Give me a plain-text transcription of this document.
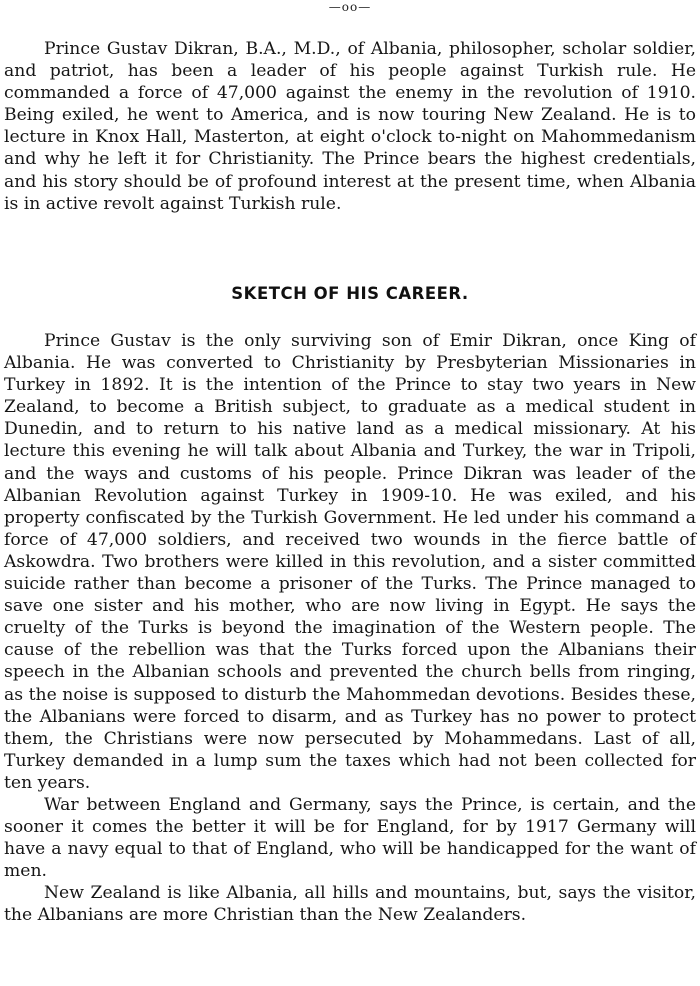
—oo—

Prince Gustav Dikran, B.A., M.D., of Albania, philosopher, scholar soldier, and patriot, has been a leader of his people against Turkish rule. He commanded a force of 47,000 against the enemy in the revolution of 1910. Being exiled, he went to America, and is now touring New Zealand. He is to lecture in Knox Hall, Masterton, at eight o'clock to-night on Mahommedanism and why he left it for Christianity. The Prince bears the highest credentials, and his story should be of profound interest at the present time, when Albania is in active revolt against Turkish rule.

SKETCH OF HIS CAREER.

Prince Gustav is the only surviving son of Emir Dikran, once King of Albania. He was converted to Christianity by Presbyterian Missionaries in Turkey in 1892. It is the intention of the Prince to stay two years in New Zealand, to become a British subject, to graduate as a medical student in Dunedin, and to return to his native land as a medical missionary. At his lecture this evening he will talk about Albania and Turkey, the war in Tripoli, and the ways and customs of his people. Prince Dikran was leader of the Albanian Revolution against Turkey in 1909-10. He was exiled, and his property confiscated by the Turkish Government. He led under his command a force of 47,000 soldiers, and received two wounds in the fierce battle of Askowdra. Two brothers were killed in this revolution, and a sister committed suicide rather than become a prisoner of the Turks. The Prince managed to save one sister and his mother, who are now living in Egypt. He says the cruelty of the Turks is beyond the imagination of the Western people. The cause of the rebellion was that the Turks forced upon the Albanians their speech in the Albanian schools and prevented the church bells from ringing, as the noise is supposed to disturb the Mahommedan devotions. Besides these, the Albanians were forced to disarm, and as Turkey has no power to protect them, the Christians were now persecuted by Mohammedans. Last of all, Turkey demanded in a lump sum the taxes which had not been collected for ten years.

War between England and Germany, says the Prince, is certain, and the sooner it comes the better it will be for England, for by 1917 Germany will have a navy equal to that of England, who will be handicapped for the want of men.

New Zealand is like Albania, all hills and mountains, but, says the visitor, the Albanians are more Christian than the New Zealanders.
